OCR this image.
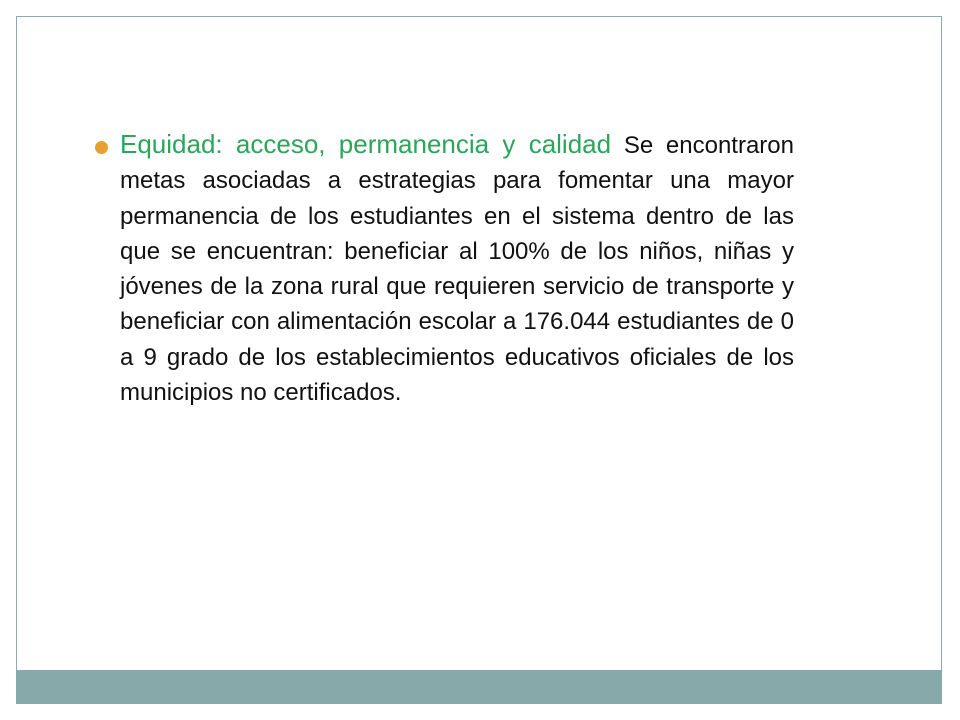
Equidad: acceso, permanencia y calidad Se encontraron metas asociadas a estrategias para fomentar una mayor permanencia de los estudiantes en el sistema dentro de las que se encuentran: beneficiar al 100% de los niños, niñas y jóvenes de la zona rural que requieren servicio de transporte y beneficiar con alimentación escolar a 176.044 estudiantes de 0 a 9 grado de los establecimientos educativos oficiales de los municipios no certificados.
